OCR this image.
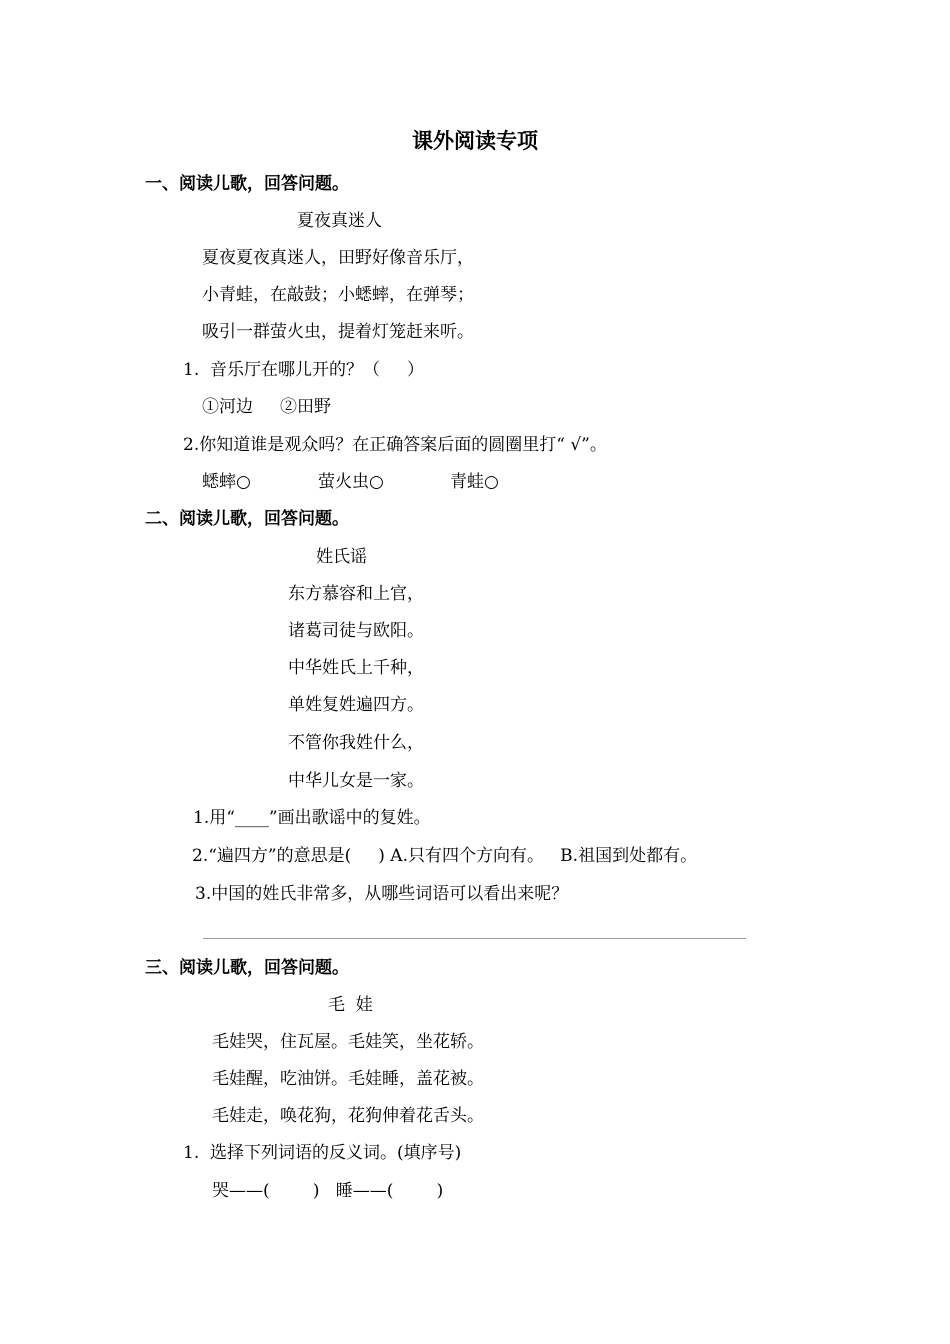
课外阅读专项
一、阅读儿歌，回答问题。
夏夜真迷人
夏夜夏夜真迷人，田野好像音乐厅，
小青蛙，在敲鼓；小蟋蟀，在弹琴；
吸引一群萤火虫，提着灯笼赶来听。
1.  音乐厅在哪儿开的？（     ）
①河边     ②田野
2.你知道谁是观众吗？在正确答案后面的圆圈里打“ √”。
蟋蟀○	萤火虫○	青蛙○
二、阅读儿歌，回答问题。
姓氏谣
东方慕容和上官，
诸葛司徒与欧阳。
中华姓氏上千种，
单姓复姓遍四方。
不管你我姓什么，
中华儿女是一家。
1.用“____”画出歌谣中的复姓。
2.“遍四方”的意思是(     ) A.只有四个方向有。   B.祖国到处都有。
3.中国的姓氏非常多，从哪些词语可以看出来呢？
三、阅读儿歌，回答问题。
毛  娃
毛娃哭，住瓦屋。毛娃笑，坐花轿。
毛娃醒，吃油饼。毛娃睡，盖花被。
毛娃走，唤花狗，花狗伸着花舌头。
1.  选择下列词语的反义词。(填序号)
哭——(        )   睡——(        )
